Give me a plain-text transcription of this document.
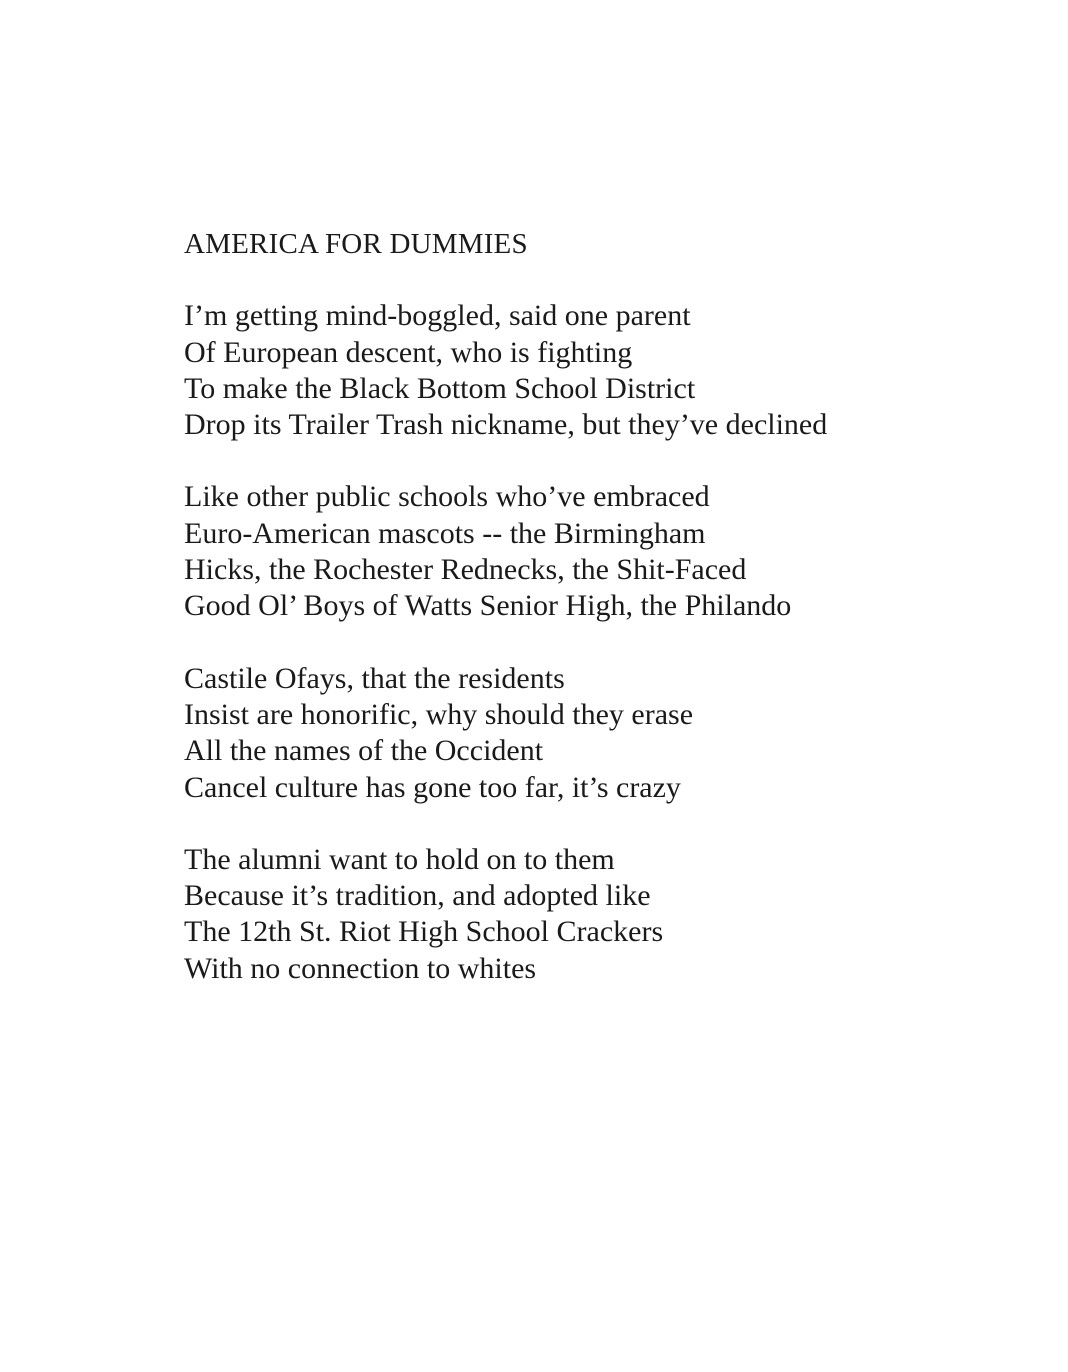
AMERICA FOR DUMMIES
I’m getting mind-boggled, said one parent
Of European descent, who is fighting
To make the Black Bottom School District
Drop its Trailer Trash nickname, but they’ve declined
Like other public schools who’ve embraced
Euro-American mascots -- the Birmingham
Hicks, the Rochester Rednecks, the Shit-Faced
Good Ol’ Boys of Watts Senior High, the Philando
Castile Ofays, that the residents
Insist are honorific, why should they erase
All the names of the Occident
Cancel culture has gone too far, it’s crazy
The alumni want to hold on to them
Because it’s tradition, and adopted like
The 12th St. Riot High School Crackers
With no connection to whites
